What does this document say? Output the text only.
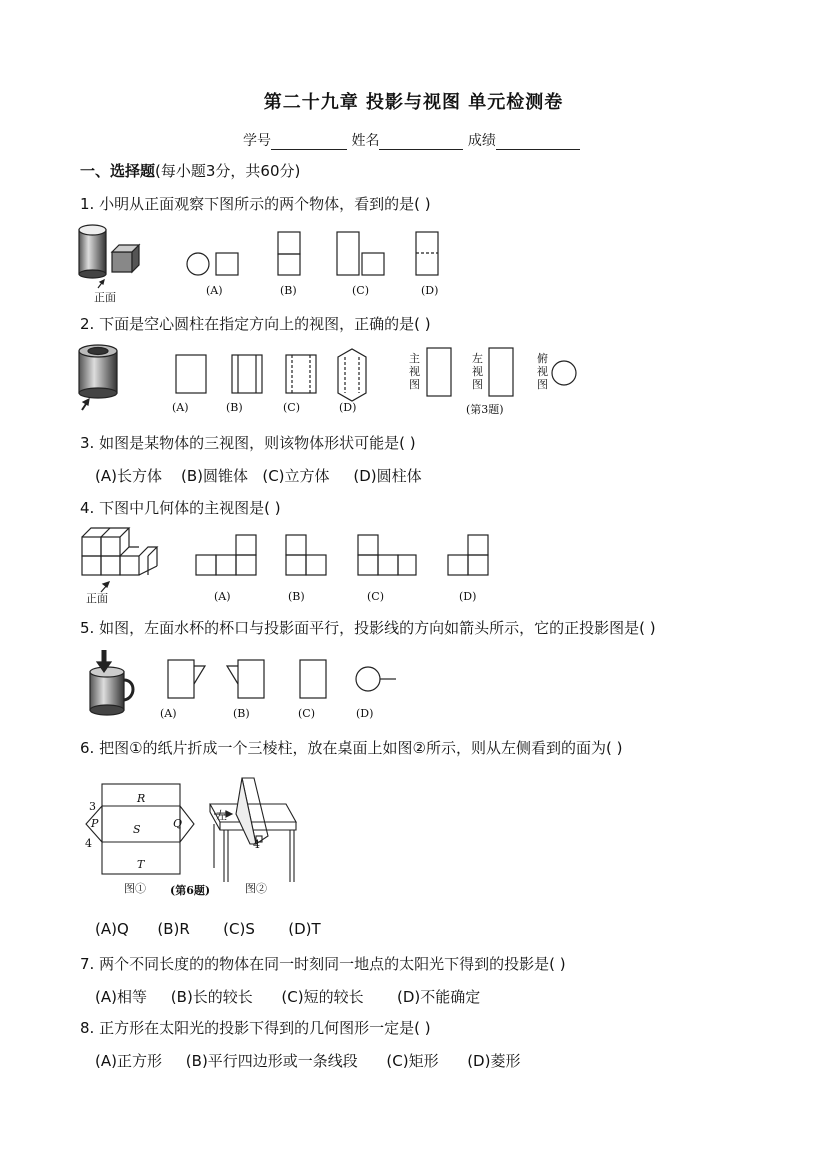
第二十九章 投影与视图 单元检测卷
学号	姓名	成绩
一、选择题(每小题3分，共60分)
1. 小明从正面观察下图所示的两个物体，看到的是( )
正面
(A)	(B)	(C)	(D)
2. 下面是空心圆柱在指定方向上的视图，正确的是( )
(A)	(B)	(C)	(D)
主视图
左视图
俯视图
(第3题)
3. 如图是某物体的三视图，则该物体形状可能是( )
(A)长方体    (B)圆锥体   (C)立方体     (D)圆柱体
4. 下图中几何体的主视图是( )
正面	(A)	(B)	(C)	(D)
5. 如图，左面水杯的杯口与投影面平行，投影线的方向如箭头所示，它的正投影图是( )
(A)	(B)	(C)	(D)
6. 把图①的纸片折成一个三棱柱，放在桌面上如图②所示，则从左侧看到的面为( )
R
S
T
P	Q
3
4	4
左
图① (第6题)	图②
(A)Q      (B)R       (C)S       (D)T
7. 两个不同长度的的物体在同一时刻同一地点的太阳光下得到的投影是( )
(A)相等     (B)长的较长      (C)短的较长       (D)不能确定
8. 正方形在太阳光的投影下得到的几何图形一定是( )
(A)正方形     (B)平行四边形或一条线段      (C)矩形      (D)菱形
